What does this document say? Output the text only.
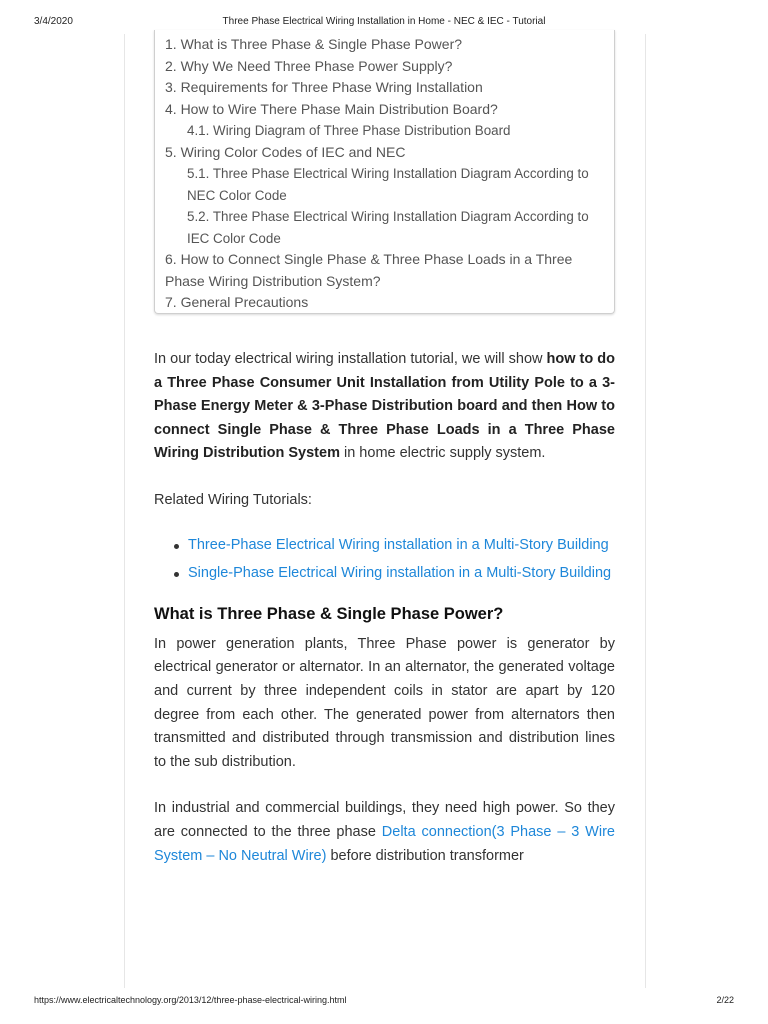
3/4/2020	Three Phase Electrical Wiring Installation in Home - NEC & IEC - Tutorial
1. What is Three Phase & Single Phase Power?
2. Why We Need Three Phase Power Supply?
3. Requirements for Three Phase Wring Installation
4. How to Wire There Phase Main Distribution Board?
4.1. Wiring Diagram of Three Phase Distribution Board
5. Wiring Color Codes of IEC and NEC
5.1. Three Phase Electrical Wiring Installation Diagram According to NEC Color Code
5.2. Three Phase Electrical Wiring Installation Diagram According to IEC Color Code
6. How to Connect Single Phase & Three Phase Loads in a Three Phase Wiring Distribution System?
7. General Precautions

In our today electrical wiring installation tutorial, we will show how to do a Three Phase Consumer Unit Installation from Utility Pole to a 3-Phase Energy Meter & 3-Phase Distribution board and then How to connect Single Phase & Three Phase Loads in a Three Phase Wiring Distribution System in home electric supply system.

Related Wiring Tutorials:

Three-Phase Electrical Wiring installation in a Multi-Story Building
Single-Phase Electrical Wiring installation in a Multi-Story Building
What is Three Phase & Single Phase Power?

In power generation plants, Three Phase power is generator by electrical generator or alternator. In an alternator, the generated voltage and current by three independent coils in stator are apart by 120 degree from each other. The generated power from alternators then transmitted and distributed through transmission and distribution lines to the sub distribution.

In industrial and commercial buildings, they need high power. So they are connected to the three phase Delta connection(3 Phase – 3 Wire System – No Neutral Wire) before distribution transformer

https://www.electricaltechnology.org/2013/12/three-phase-electrical-wiring.html	2/22
